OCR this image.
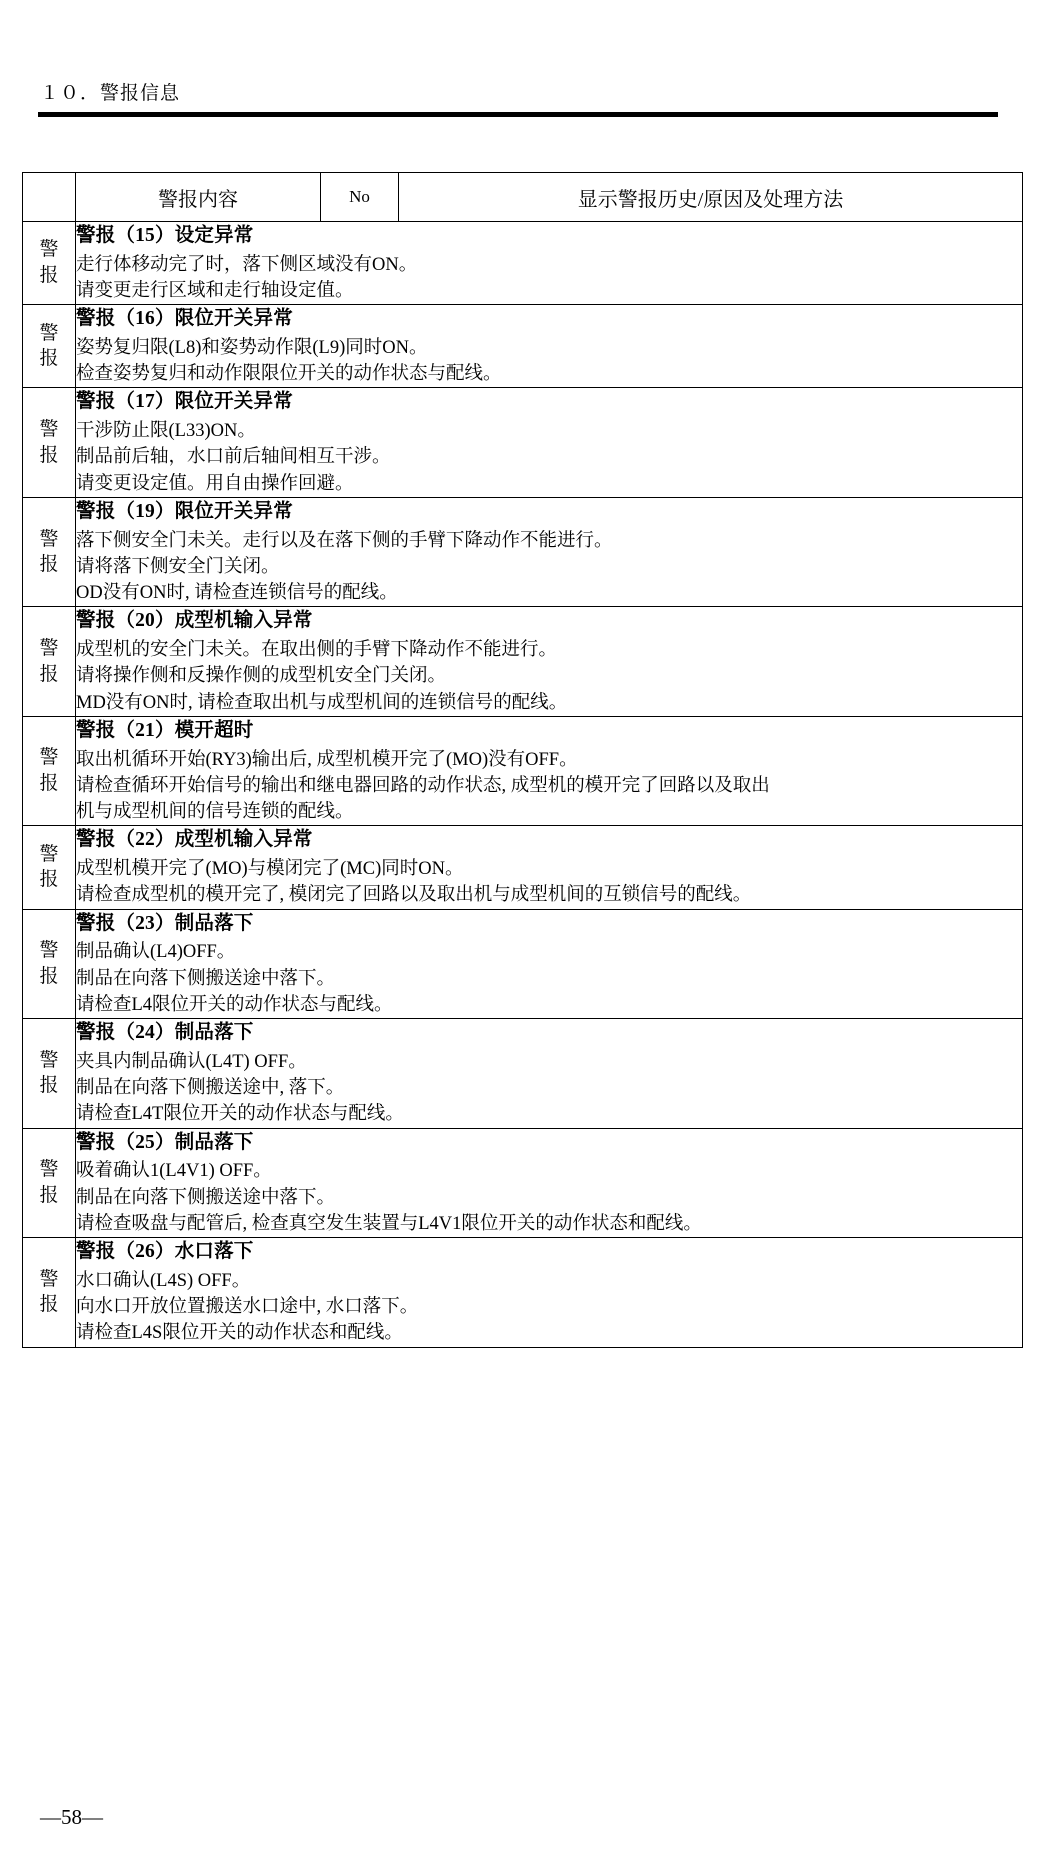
１０．警报信息
	警报内容	No	显示警报历史/原因及处理方法

警
报

警报（15）设定异常
走行体移动完了时，落下侧区域没有ON。
请变更走行区域和走行轴设定值。

警
报

警报（16）限位开关异常
姿势复归限(L8)和姿势动作限(L9)同时ON。
检查姿势复归和动作限限位开关的动作状态与配线。

警
报

警报（17）限位开关异常
干涉防止限(L33)ON。
制品前后轴，水口前后轴间相互干涉。
请变更设定值。用自由操作回避。

警
报

警报（19）限位开关异常
落下侧安全门未关。走行以及在落下侧的手臂下降动作不能进行。
请将落下侧安全门关闭。
OD没有ON时, 请检查连锁信号的配线。

警
报

警报（20）成型机输入异常
成型机的安全门未关。在取出侧的手臂下降动作不能进行。
请将操作侧和反操作侧的成型机安全门关闭。
MD没有ON时, 请检查取出机与成型机间的连锁信号的配线。

警
报

警报（21）模开超时
取出机循环开始(RY3)输出后, 成型机模开完了(MO)没有OFF。
请检查循环开始信号的输出和继电器回路的动作状态, 成型机的模开完了回路以及取出
机与成型机间的信号连锁的配线。

警
报

警报（22）成型机输入异常
成型机模开完了(MO)与模闭完了(MC)同时ON。
请检查成型机的模开完了, 模闭完了回路以及取出机与成型机间的互锁信号的配线。

警
报

警报（23）制品落下
制品确认(L4)OFF。
制品在向落下侧搬送途中落下。
请检查L4限位开关的动作状态与配线。

警
报

警报（24）制品落下
夹具内制品确认(L4T) OFF。
制品在向落下侧搬送途中, 落下。
请检查L4T限位开关的动作状态与配线。

警
报

警报（25）制品落下
吸着确认1(L4V1) OFF。
制品在向落下侧搬送途中落下。
请检查吸盘与配管后, 检查真空发生装置与L4V1限位开关的动作状态和配线。

警
报

警报（26）水口落下
水口确认(L4S) OFF。
向水口开放位置搬送水口途中, 水口落下。
请检查L4S限位开关的动作状态和配线。
—58—
